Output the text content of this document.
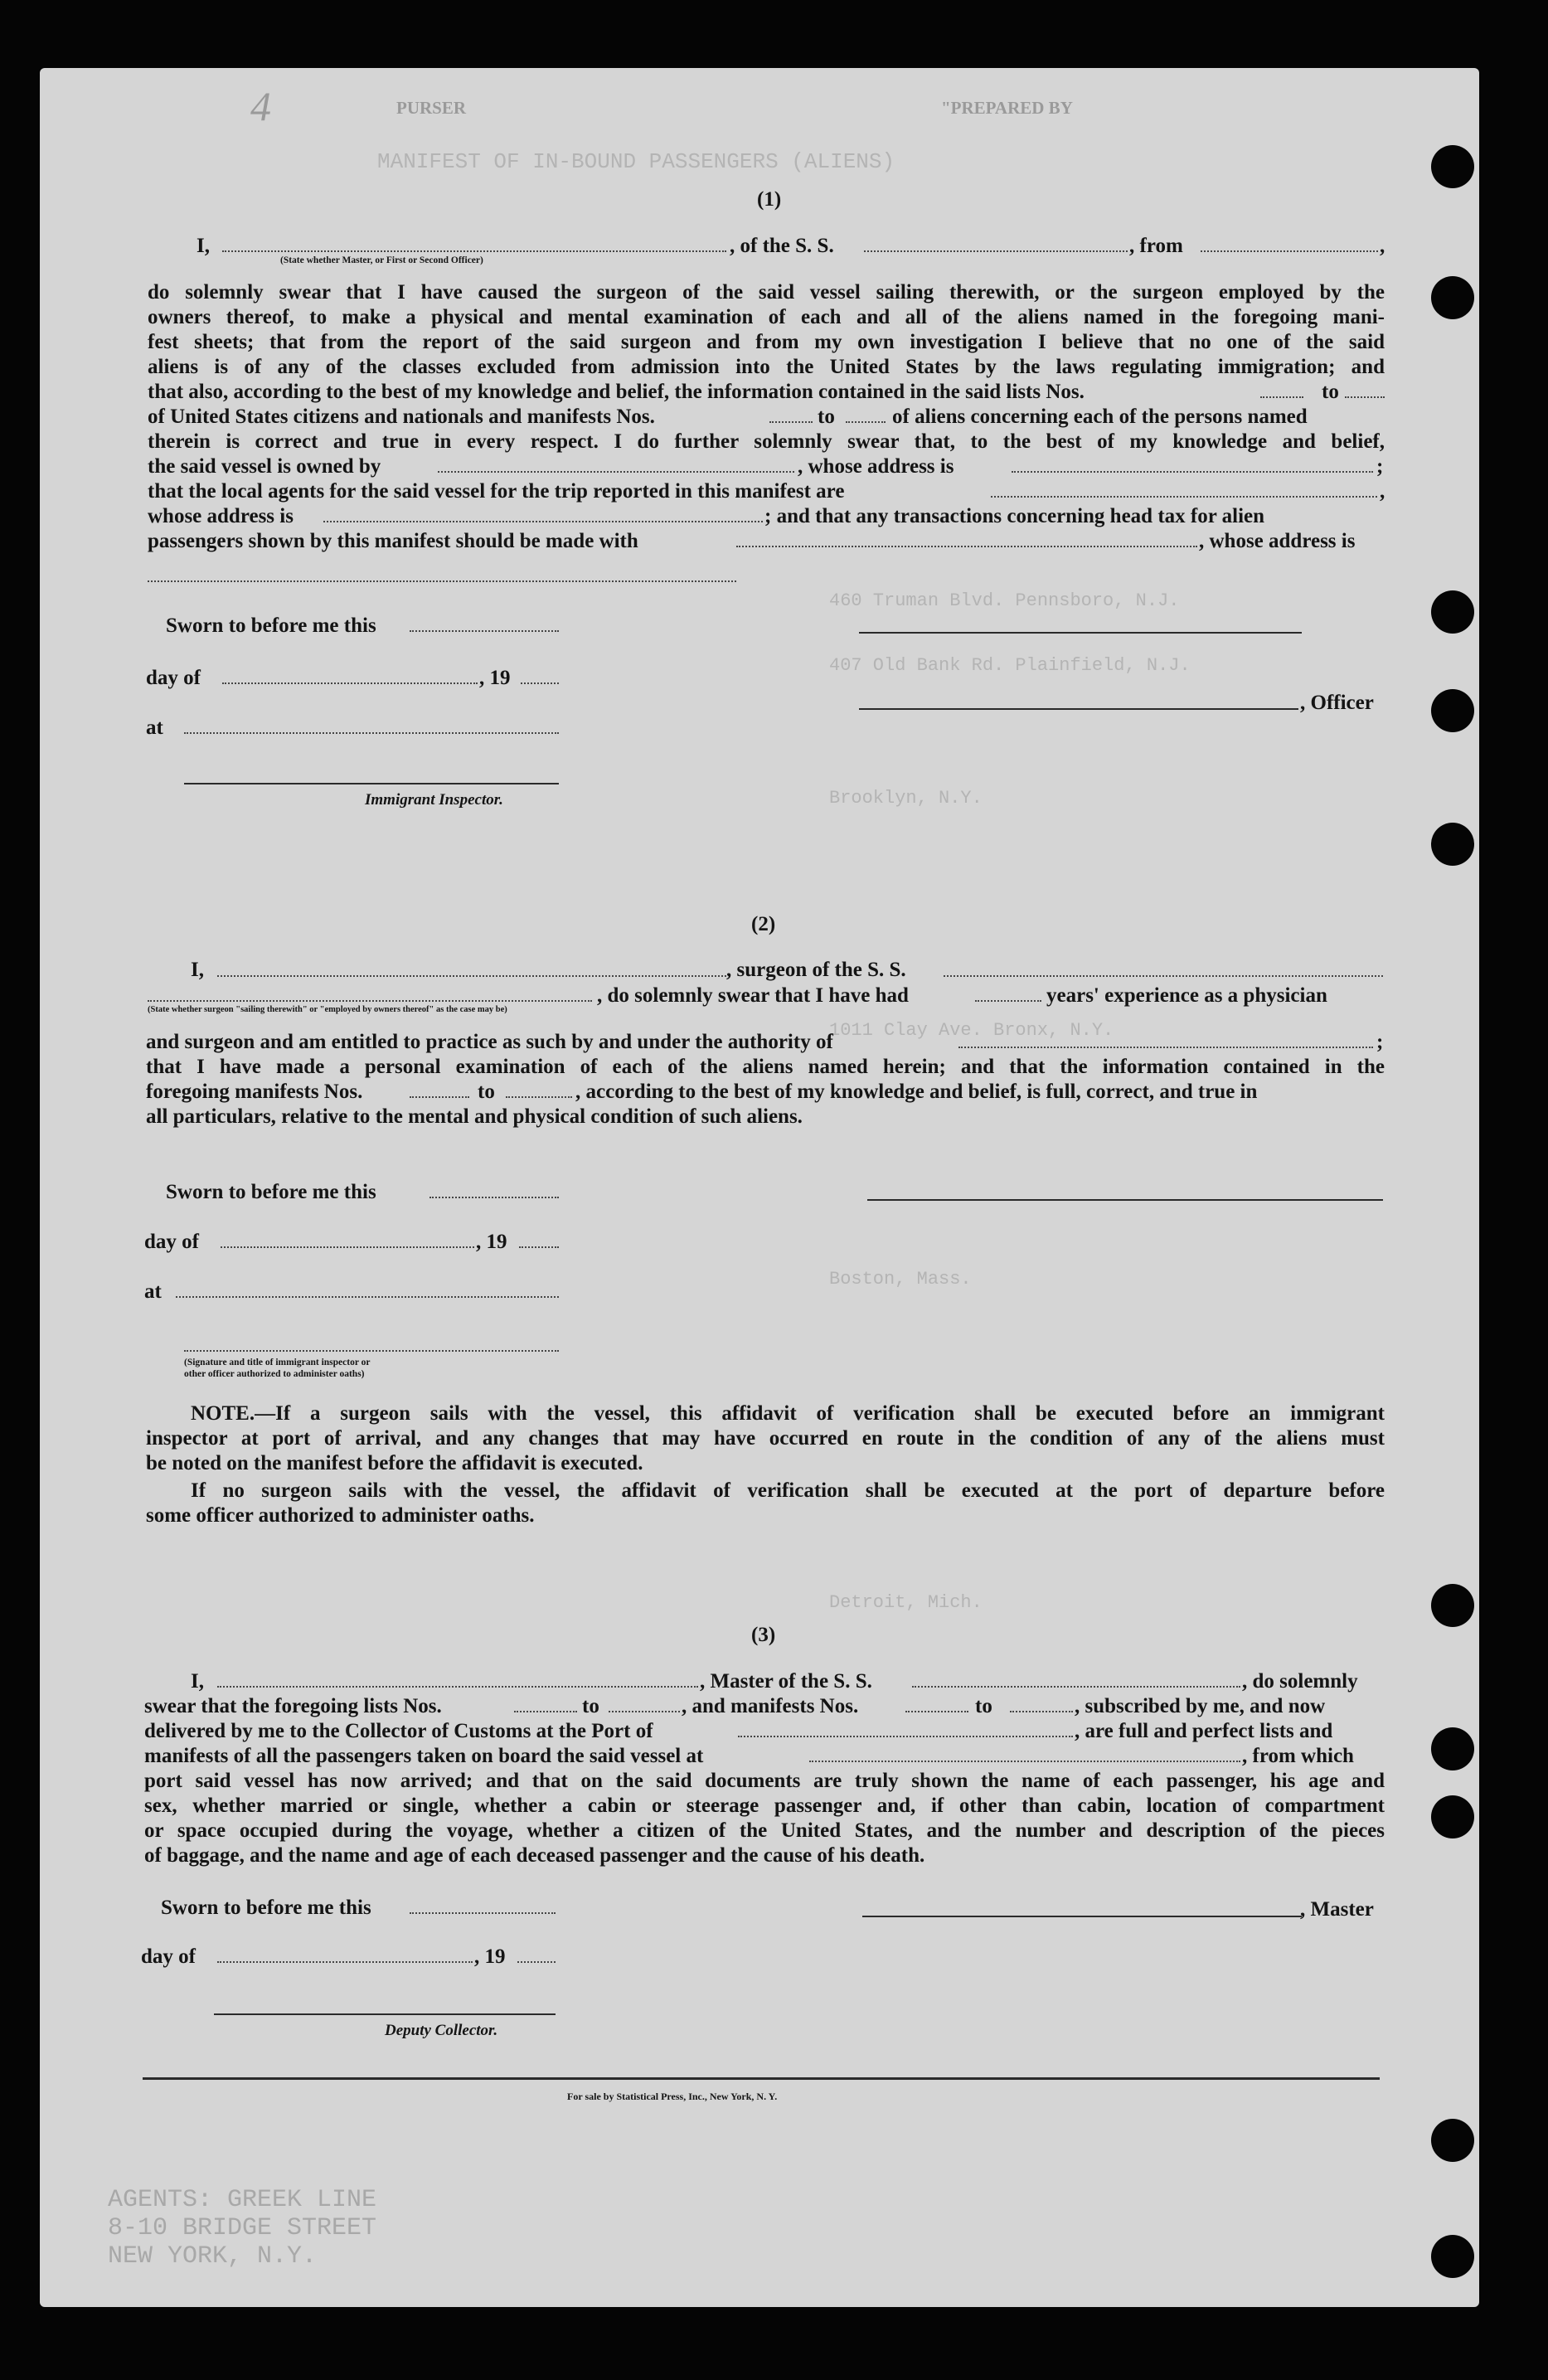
MANIFEST OF IN-BOUND PASSENGERS (ALIENS)
460 Truman Blvd. Pennsboro, N.J.
407 Old Bank Rd. Plainfield, N.J.
Brooklyn, N.Y.
1011 Clay Ave. Bronx, N.Y.
Boston, Mass.
Detroit, Mich.
AGENTS: GREEK LINE
8-10 BRIDGE STREET
NEW YORK, N.Y.
4	PURSER	"PREPARED BY
(1)
I,	, of the S. S.	, from	,
(State whether Master, or First or Second Officer)
do solemnly swear that I have caused the surgeon of the said vessel sailing therewith, or the surgeon employed by the
owners thereof, to make a physical and mental examination of each and all of the aliens named in the foregoing mani-
fest sheets; that from the report of the said surgeon and from my own investigation I believe that no one of the said
aliens is of any of the classes excluded from admission into the United States by the laws regulating immigration; and
that also, according to the best of my knowledge and belief, the information contained in the said lists Nos.	to
of United States citizens and nationals and manifests Nos.	to	of aliens concerning each of the persons named
therein is correct and true in every respect. I do further solemnly swear that, to the best of my knowledge and belief,
the said vessel is owned by	, whose address is	;
that the local agents for the said vessel for the trip reported in this manifest are	,
whose address is	; and that any transactions concerning head tax for alien
passengers shown by this manifest should be made with	, whose address is
Sworn to before me this
day of	, 19
, Officer
at
Immigrant Inspector.
(2)
I,	, surgeon of the S. S.
, do solemnly swear that I have had	years' experience as a physician
(State whether surgeon "sailing therewith" or "employed by owners thereof" as the case may be)
and surgeon and am entitled to practice as such by and under the authority of	;
that I have made a personal examination of each of the aliens named herein; and that the information contained in the
foregoing manifests Nos.	to	, according to the best of my knowledge and belief, is full, correct, and true in
all particulars, relative to the mental and physical condition of such aliens.
Sworn to before me this
day of	, 19
at
(Signature and title of immigrant inspector or
other officer authorized to administer oaths)
NOTE.—If a surgeon sails with the vessel, this affidavit of verification shall be executed before an immigrant
inspector at port of arrival, and any changes that may have occurred en route in the condition of any of the aliens must
be noted on the manifest before the affidavit is executed.
If no surgeon sails with the vessel, the affidavit of verification shall be executed at the port of departure before
some officer authorized to administer oaths.
(3)
I,	, Master of the S. S.	, do solemnly
swear that the foregoing lists Nos.	to	, and manifests Nos.	to	, subscribed by me, and now
delivered by me to the Collector of Customs at the Port of	, are full and perfect lists and
manifests of all the passengers taken on board the said vessel at	, from which
port said vessel has now arrived; and that on the said documents are truly shown the name of each passenger, his age and
sex, whether married or single, whether a cabin or steerage passenger and, if other than cabin, location of compartment
or space occupied during the voyage, whether a citizen of the United States, and the number and description of the pieces
of baggage, and the name and age of each deceased passenger and the cause of his death.
Sworn to before me this	, Master
day of	, 19
Deputy Collector.
For sale by Statistical Press, Inc., New York, N. Y.
